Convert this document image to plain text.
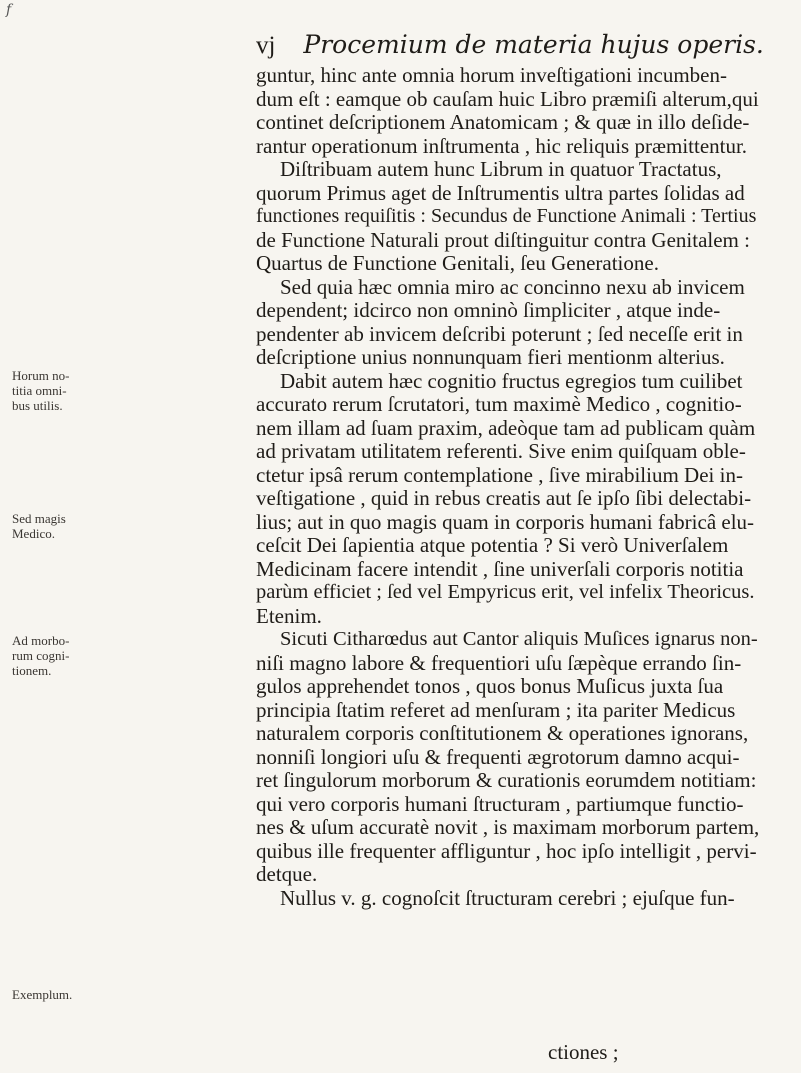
f
vj Procemium de materia hujus operis.
Horum no- titia omni- bus utilis.
Sed magis Medico.
Ad morbo- rum cogni- tionem.
Exemplum.
guntur, hinc ante omnia horum inveſtigationi incumben-
dum eſt : eamque ob cauſam huic Libro præmiſi alterum,qui
continet deſcriptionem Anatomicam ; & quæ in illo deſide-
rantur operationum inſtrumenta , hic reliquis præmittentur.
Diſtribuam autem hunc Librum in quatuor Tractatus,
quorum Primus aget de Inſtrumentis ultra partes ſolidas ad
functiones requiſitis : Secundus de Functione Animali : Tertius
de Functione Naturali prout diſtinguitur contra Genitalem :
Quartus de Functione Genitali, ſeu Generatione.
Sed quia hæc omnia miro ac concinno nexu ab invicem
dependent; idcirco non omninò ſimpliciter , atque inde-
pendenter ab invicem deſcribi poterunt ; ſed neceſſe erit in
deſcriptione unius nonnunquam fieri mentionm alterius.
Dabit autem hæc cognitio fructus egregios tum cuilibet
accurato rerum ſcrutatori, tum maximè Medico , cognitio-
nem illam ad ſuam praxim, adeòque tam ad publicam quàm
ad privatam utilitatem referenti. Sive enim quiſquam oble-
ctetur ipsâ rerum contemplatione , ſive mirabilium Dei in-
veſtigatione , quid in rebus creatis aut ſe ipſo ſibi delectabi-
lius; aut in quo magis quam in corporis humani fabricâ elu-
ceſcit Dei ſapientia atque potentia ? Si verò Univerſalem
Medicinam facere intendit , ſine univerſali corporis notitia
parùm efficiet ; ſed vel Empyricus erit, vel infelix Theoricus.
Etenim.
Sicuti Citharœdus aut Cantor aliquis Muſices ignarus non-
niſi magno labore & frequentiori uſu ſæpèque errando ſin-
gulos apprehendet tonos , quos bonus Muſicus juxta ſua
principia ſtatim referet ad menſuram ; ita pariter Medicus
naturalem corporis conſtitutionem & operationes ignorans,
nonniſi longiori uſu & frequenti ægrotorum damno acqui-
ret ſingulorum morborum & curationis eorumdem notitiam:
qui vero corporis humani ſtructuram , partiumque functio-
nes & uſum accuratè novit , is maximam morborum partem,
quibus ille frequenter affliguntur , hoc ipſo intelligit , pervi-
detque.
Nullus v. g. cognoſcit ſtructuram cerebri ; ejuſque fun-
ctiones ;
